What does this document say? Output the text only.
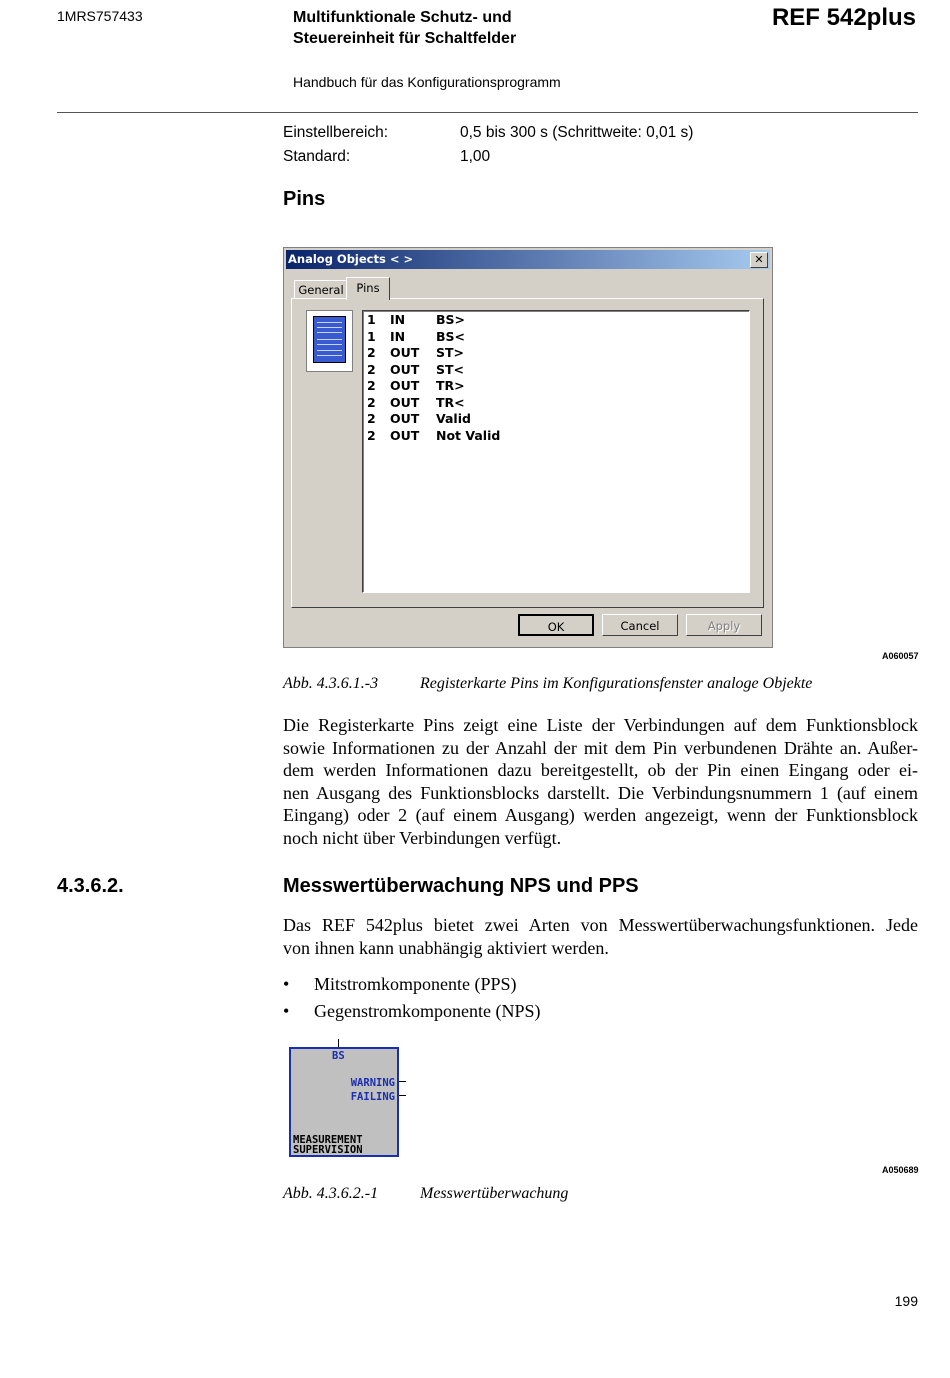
1MRS757433	Multifunktionale Schutz- und
Steuereinheit für Schaltfelder
REF 542plus
Handbuch für das Konfigurationsprogramm
Einstellbereich:	0,5 bis 300 s (Schrittweite: 0,01 s)
Standard:	1,00
Pins
Analog Objects < >	✕
General	Pins
1 IN BS>
1 IN BS<
2 OUT ST>
2 OUT ST<
2 OUT TR>
2 OUT TR<
2 OUT Valid
2 OUT Not Valid
OK	Cancel	Apply
A060057
Abb. 4.3.6.1.-3	Registerkarte Pins im Konfigurationsfenster analoge Objekte
Die Registerkarte Pins zeigt eine Liste der Verbindungen auf dem Funktionsblock
sowie Informationen zu der Anzahl der mit dem Pin verbundenen Drähte an. Außer-
dem werden Informationen dazu bereitgestellt, ob der Pin einen Eingang oder ei-
nen Ausgang des Funktionsblocks darstellt. Die Verbindungsnummern 1 (auf einem
Eingang) oder 2 (auf einem Ausgang) werden angezeigt, wenn der Funktionsblock
noch nicht über Verbindungen verfügt.
4.3.6.2.	Messwertüberwachung NPS und PPS
Das REF 542plus bietet zwei Arten von Messwertüberwachungsfunktionen. Jede
von ihnen kann unabhängig aktiviert werden.
• Mitstromkomponente (PPS)
• Gegenstromkomponente (NPS)
BS
WARNING
FAILING
MEASUREMENT
SUPERVISION
A050689
Abb. 4.3.6.2.-1	Messwertüberwachung
199
